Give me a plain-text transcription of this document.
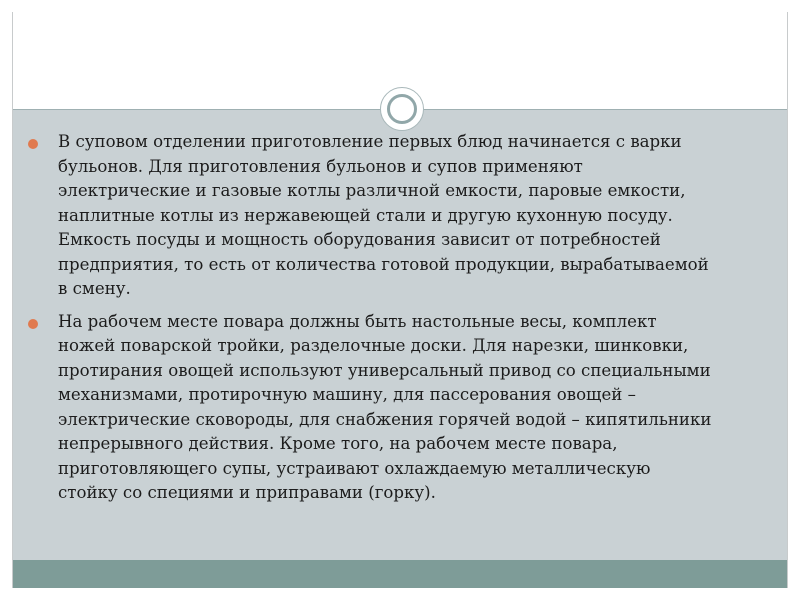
В суповом отделении приготовление первых блюд начинается с варки
бульонов. Для приготовления бульонов и супов применяют
электрические и газовые котлы различной емкости, паровые емкости,
наплитные котлы из нержавеющей стали и другую кухонную посуду.
Емкость посуды и мощность оборудования зависит от потребностей
предприятия, то есть от количества готовой продукции, вырабатываемой
в смену.
На рабочем месте повара должны быть настольные весы, комплект
ножей поварской тройки, разделочные доски. Для нарезки, шинковки,
протирания овощей используют универсальный привод со специальными
механизмами, протирочную машину, для пассерования овощей –
электрические сковороды, для снабжения горячей водой – кипятильники
непрерывного действия. Кроме того, на рабочем месте повара,
приготовляющего супы, устраивают охлаждаемую металлическую
стойку со специями и приправами (горку).
